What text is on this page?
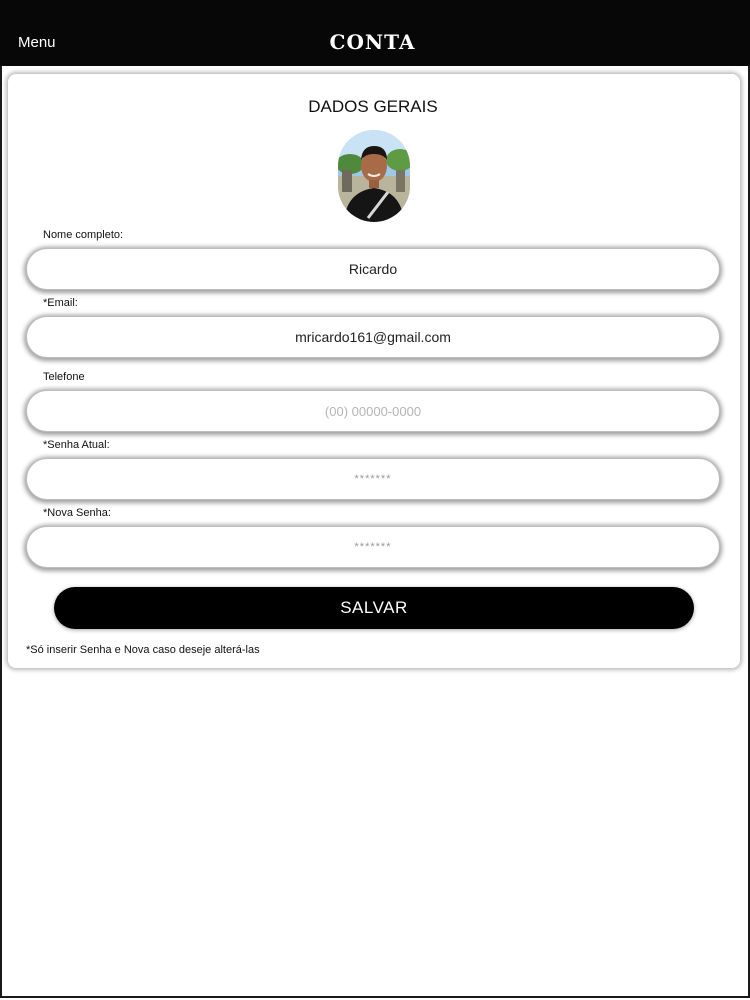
Menu	CONTA
DADOS GERAIS
Nome completo:
Ricardo
*Email:
mricardo161@gmail.com
Telefone
(00) 00000-0000
*Senha Atual:
*******
*Nova Senha:
*******
SALVAR
*Só inserir Senha e Nova caso deseje alterá-las
